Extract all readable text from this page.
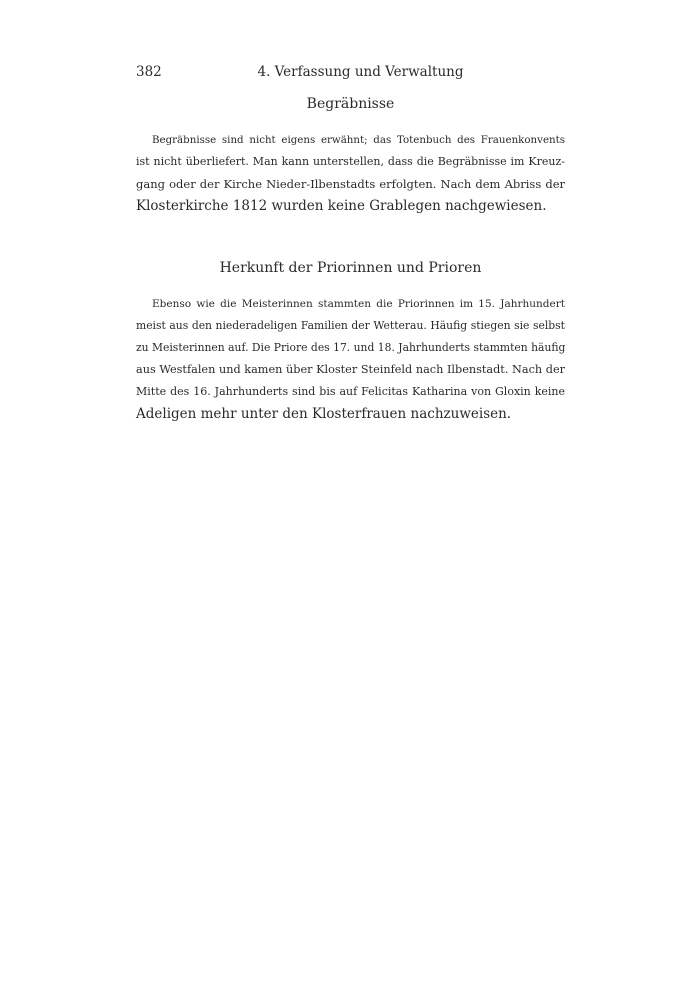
382	4. Verfassung und Verwaltung
Begräbnisse
Begräbnisse sind nicht eigens erwähnt; das Totenbuch des Frauenkonvents
ist nicht überliefert. Man kann unterstellen, dass die Begräbnisse im Kreuz-
gang oder der Kirche Nieder-Ilbenstadts erfolgten. Nach dem Abriss der
Klosterkirche 1812 wurden keine Grablegen nachgewiesen.
Herkunft der Priorinnen und Prioren
Ebenso wie die Meisterinnen stammten die Priorinnen im 15. Jahrhundert
meist aus den niederadeligen Familien der Wetterau. Häufig stiegen sie selbst
zu Meisterinnen auf. Die Priore des 17. und 18. Jahrhunderts stammten häufig
aus Westfalen und kamen über Kloster Steinfeld nach Ilbenstadt. Nach der
Mitte des 16. Jahrhunderts sind bis auf Felicitas Katharina von Gloxin keine
Adeligen mehr unter den Klosterfrauen nachzuweisen.
